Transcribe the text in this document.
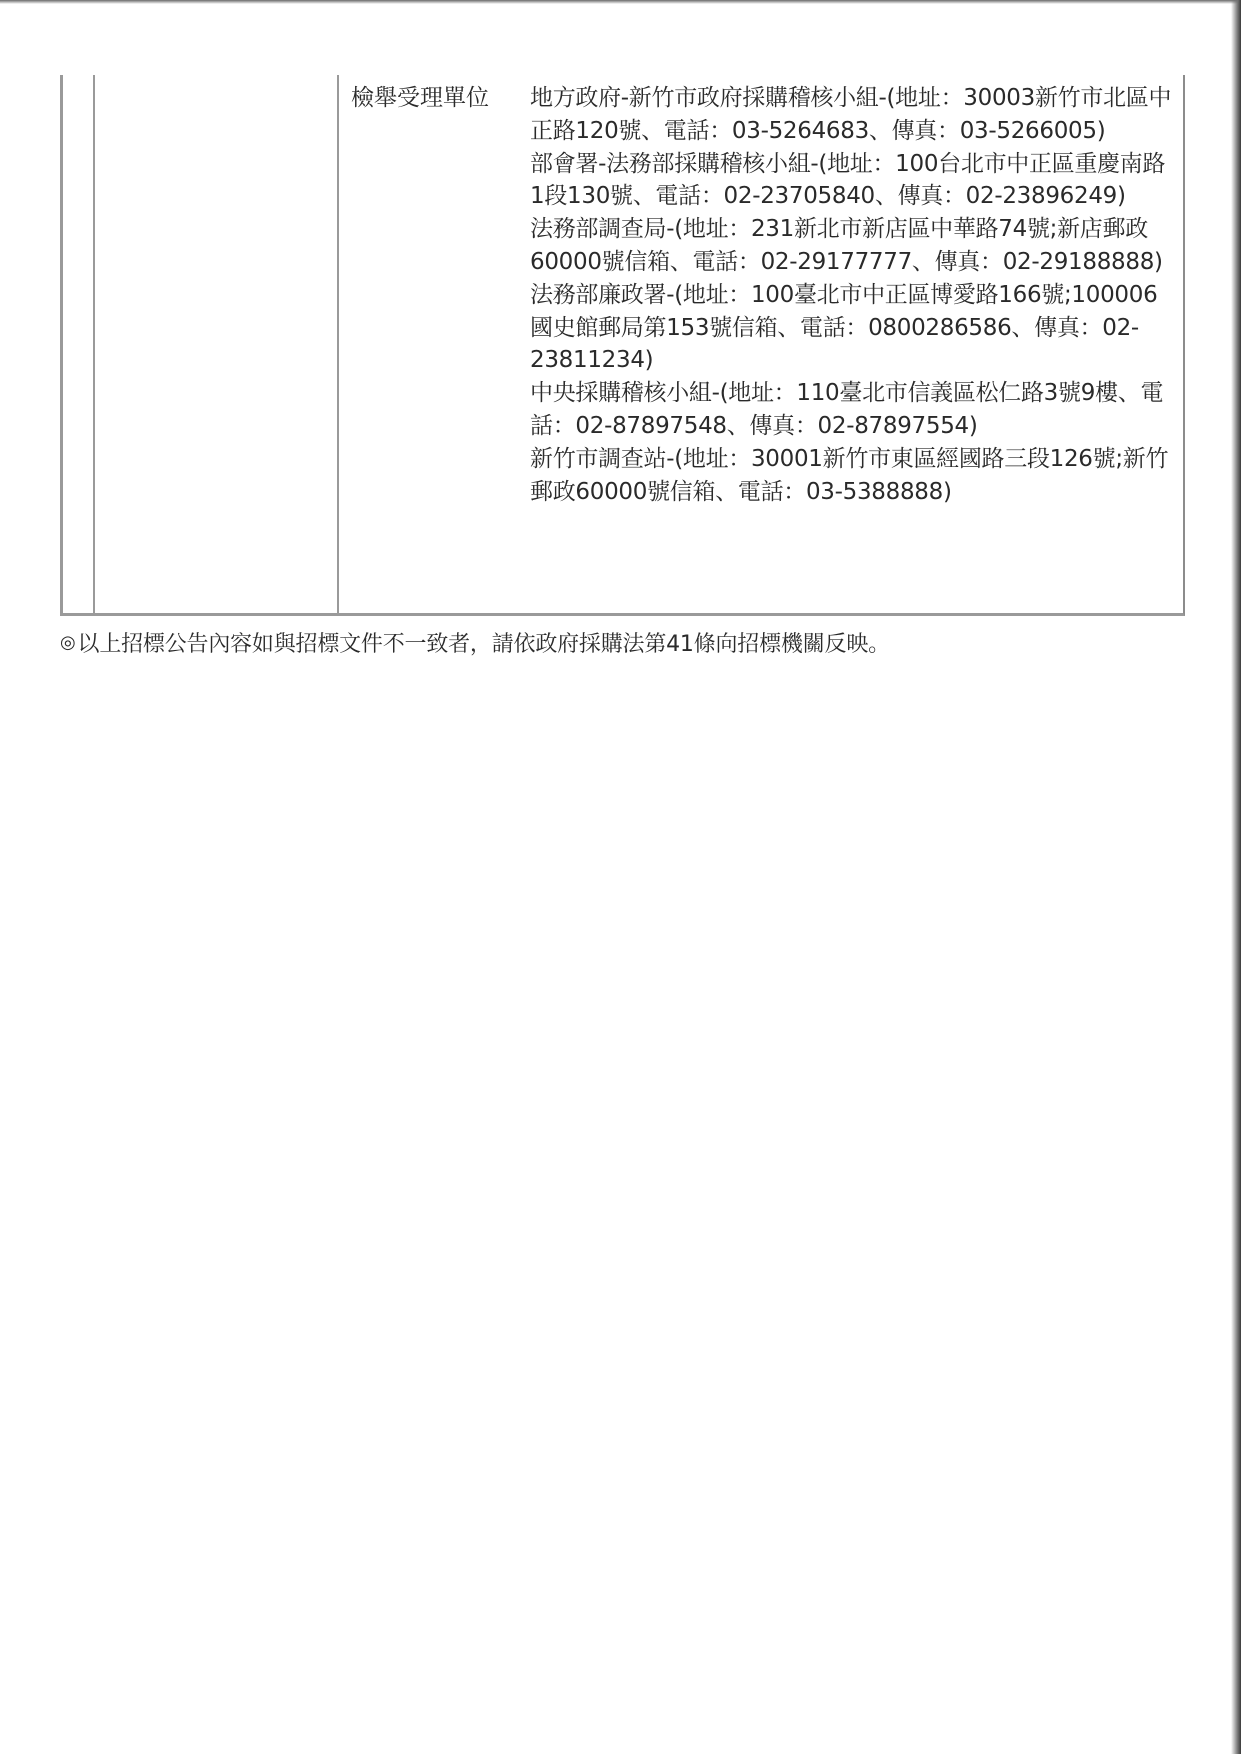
檢舉受理單位 地方政府-新竹市政府採購稽核小組-(地址：30003新竹市北區中正路120號、電話：03-5264683、傳真：03-5266005)

部會署-法務部採購稽核小組-(地址：100台北市中正區重慶南路1段130號、電話：02-23705840、傳真：02-23896249)

法務部調查局-(地址：231新北市新店區中華路74號;新店郵政60000號信箱、電話：02-29177777、傳真：02-29188888)

法務部廉政署-(地址：100臺北市中正區博愛路166號;100006國史館郵局第153號信箱、電話：0800286586、傳真：02-23811234)

中央採購稽核小組-(地址：110臺北市信義區松仁路3號9樓、電話：02-87897548、傳真：02-87897554)

新竹市調查站-(地址：30001新竹市東區經國路三段126號;新竹郵政60000號信箱、電話：03-5388888)

◎以上招標公告內容如與招標文件不一致者，請依政府採購法第41條向招標機關反映。
